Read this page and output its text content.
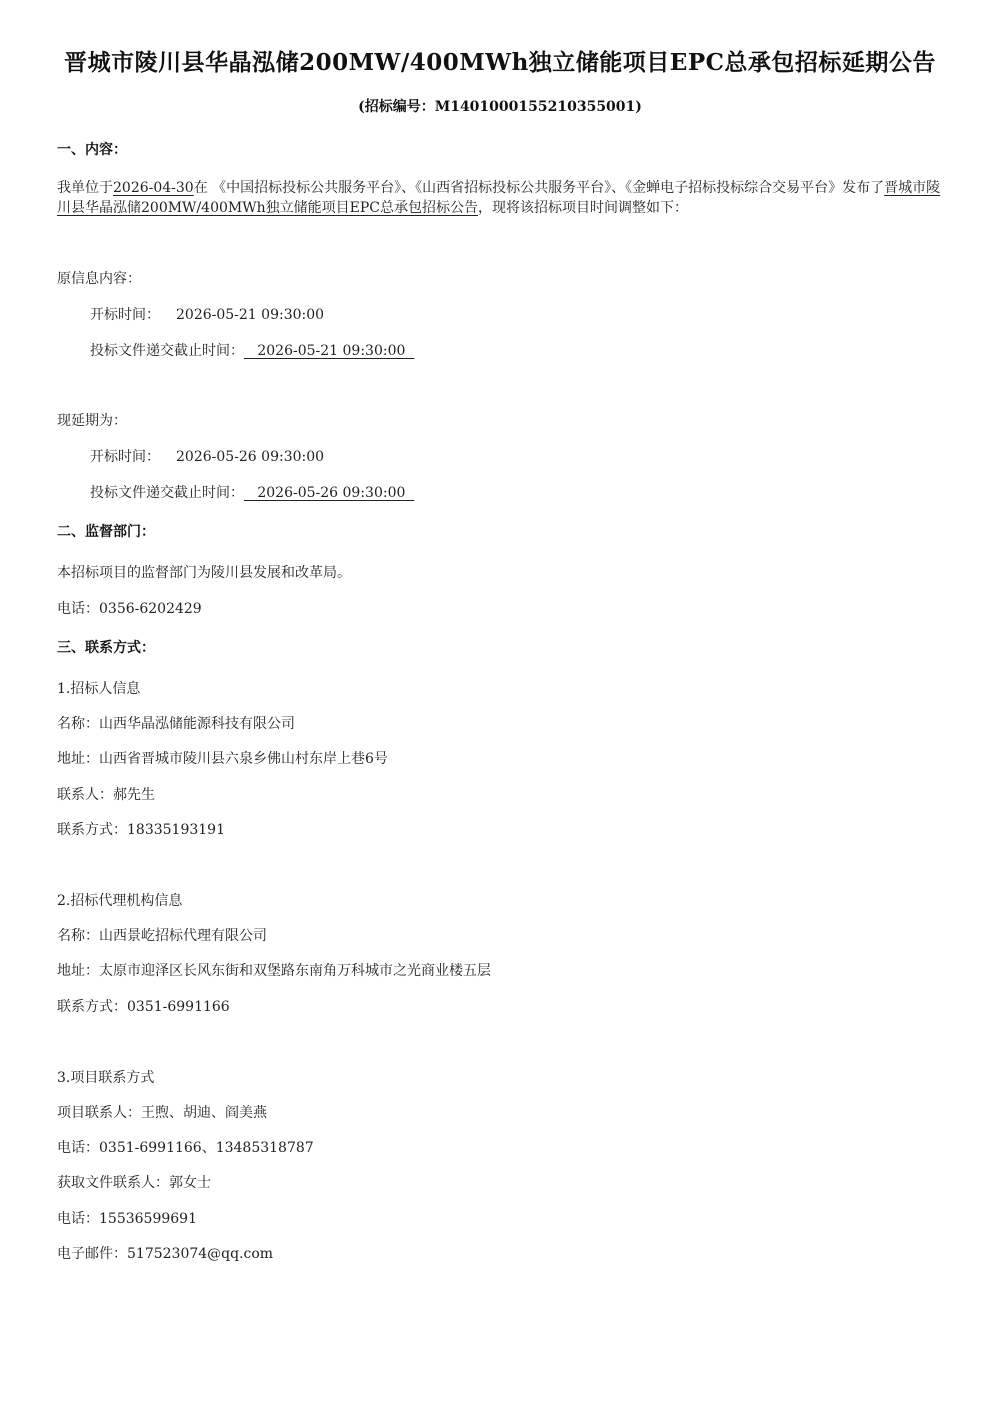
晋城市陵川县华晶泓储200MW/400MWh独立储能项目EPC总承包招标延期公告
(招标编号：M1401000155210355001)
一、内容：
我单位于2026-04-30在 《中国招标投标公共服务平台》、《山西省招标投标公共服务平台》、《金蝉电子招标投标综合交易平台》发布了晋城市陵川县华晶泓储200MW/400MWh独立储能项目EPC总承包招标公告，现将该招标项目时间调整如下：
原信息内容：
开标时间： 2026-05-21 09:30:00
投标文件递交截止时间： 2026-05-21 09:30:00
现延期为：
开标时间： 2026-05-26 09:30:00
投标文件递交截止时间： 2026-05-26 09:30:00
二、监督部门：
本招标项目的监督部门为陵川县发展和改革局。
电话：0356-6202429
三、联系方式：
1.招标人信息
名称：山西华晶泓储能源科技有限公司
地址：山西省晋城市陵川县六泉乡佛山村东岸上巷6号
联系人：郝先生
联系方式：18335193191
2.招标代理机构信息
名称：山西景屹招标代理有限公司
地址：太原市迎泽区长风东街和双堡路东南角万科城市之光商业楼五层
联系方式：0351-6991166
3.项目联系方式
项目联系人：王煦、胡迪、阎美燕
电话：0351-6991166、13485318787
获取文件联系人：郭女士
电话：15536599691
电子邮件：517523074@qq.com
